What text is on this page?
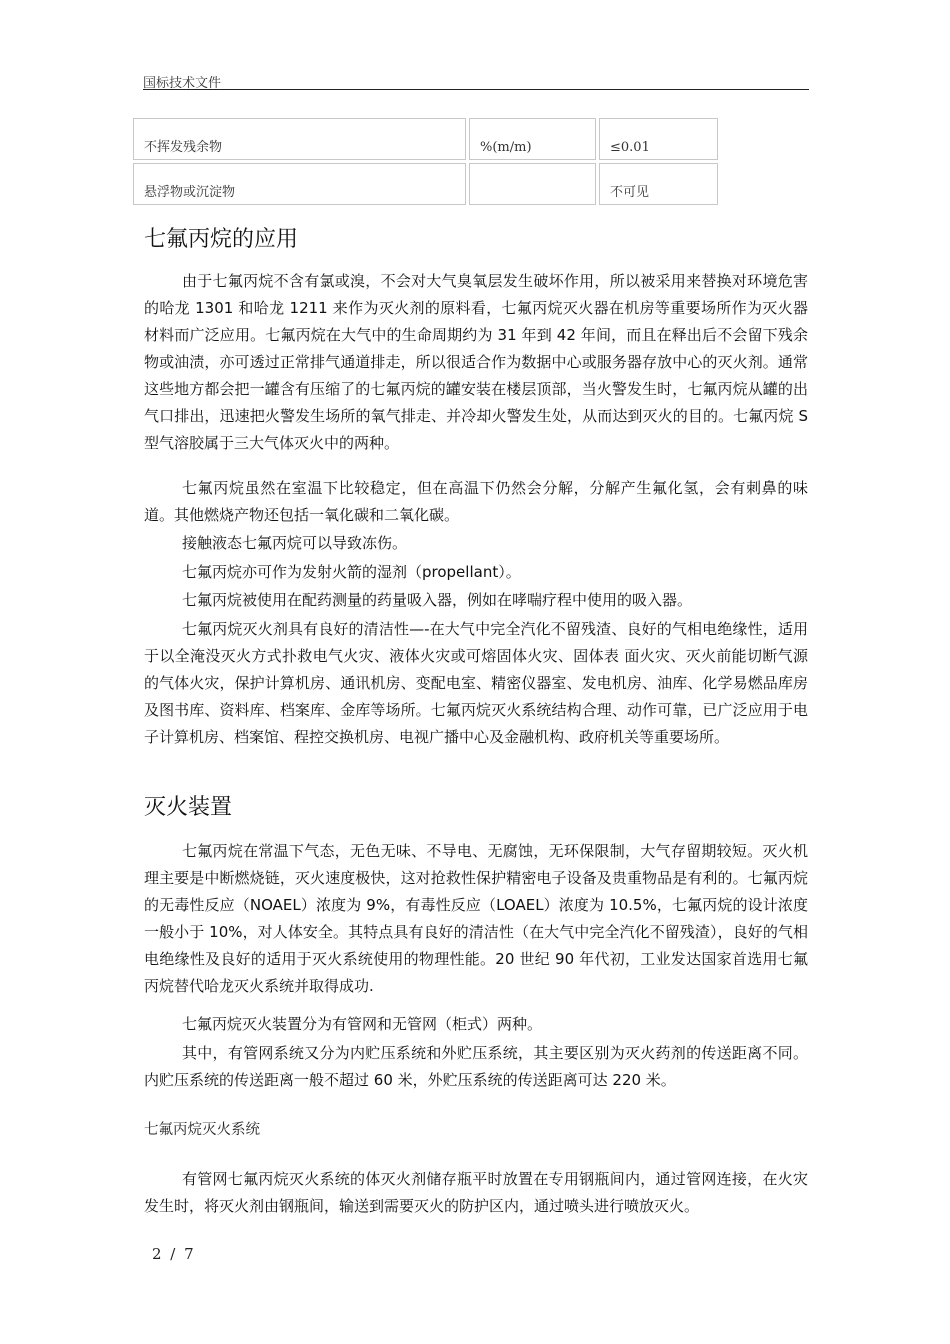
国标技术文件
不挥发残余物	%(m/m)	≤0.01
悬浮物或沉淀物		不可见
七氟丙烷的应用

由于七氟丙烷不含有氯或溴，不会对大气臭氧层发生破坏作用，所以被采用来替换对环境危害的哈龙 1301 和哈龙 1211 来作为灭火剂的原料看，七氟丙烷灭火器在机房等重要场所作为灭火器材料而广泛应用。七氟丙烷在大气中的生命周期约为 31 年到 42 年间，而且在释出后不会留下残余物或油渍，亦可透过正常排气通道排走，所以很适合作为数据中心或服务器存放中心的灭火剂。通常这些地方都会把一罐含有压缩了的七氟丙烷的罐安装在楼层顶部，当火警发生时，七氟丙烷从罐的出气口排出，迅速把火警发生场所的氧气排走、并冷却火警发生处，从而达到灭火的目的。七氟丙烷 S 型气溶胶属于三大气体灭火中的两种。

七氟丙烷虽然在室温下比较稳定，但在高温下仍然会分解，分解产生氟化氢，会有刺鼻的味道。其他燃烧产物还包括一氧化碳和二氧化碳。

接触液态七氟丙烷可以导致冻伤。

七氟丙烷亦可作为发射火箭的湿剂（propellant）。

七氟丙烷被使用在配药测量的药量吸入器，例如在哮喘疗程中使用的吸入器。

七氟丙烷灭火剂具有良好的清洁性—-在大气中完全汽化不留残渣、良好的气相电绝缘性，适用于以全淹没灭火方式扑救电气火灾、液体火灾或可熔固体火灾、固体表 面火灾、灭火前能切断气源的气体火灾，保护计算机房、通讯机房、变配电室、精密仪器室、发电机房、油库、化学易燃品库房及图书库、资料库、档案库、金库等场所。七氟丙烷灭火系统结构合理、动作可靠，已广泛应用于电子计算机房、档案馆、程控交换机房、电视广播中心及金融机构、政府机关等重要场所。

灭火装置

七氟丙烷在常温下气态，无色无味、不导电、无腐蚀，无环保限制，大气存留期较短。灭火机理主要是中断燃烧链，灭火速度极快，这对抢救性保护精密电子设备及贵重物品是有利的。七氟丙烷的无毒性反应（NOAEL）浓度为 9%，有毒性反应（LOAEL）浓度为 10.5%，七氟丙烷的设计浓度一般小于 10%，对人体安全。其特点具有良好的清洁性（在大气中完全汽化不留残渣），良好的气相电绝缘性及良好的适用于灭火系统使用的物理性能。20 世纪 90 年代初，工业发达国家首选用七氟丙烷替代哈龙灭火系统并取得成功.

七氟丙烷灭火装置分为有管网和无管网（柜式）两种。

其中，有管网系统又分为内贮压系统和外贮压系统，其主要区别为灭火药剂的传送距离不同。内贮压系统的传送距离一般不超过 60 米，外贮压系统的传送距离可达 220 米。

七氟丙烷灭火系统

有管网七氟丙烷灭火系统的体灭火剂储存瓶平时放置在专用钢瓶间内，通过管网连接，在火灾发生时，将灭火剂由钢瓶间，输送到需要灭火的防护区内，通过喷头进行喷放灭火。

2 / 7
